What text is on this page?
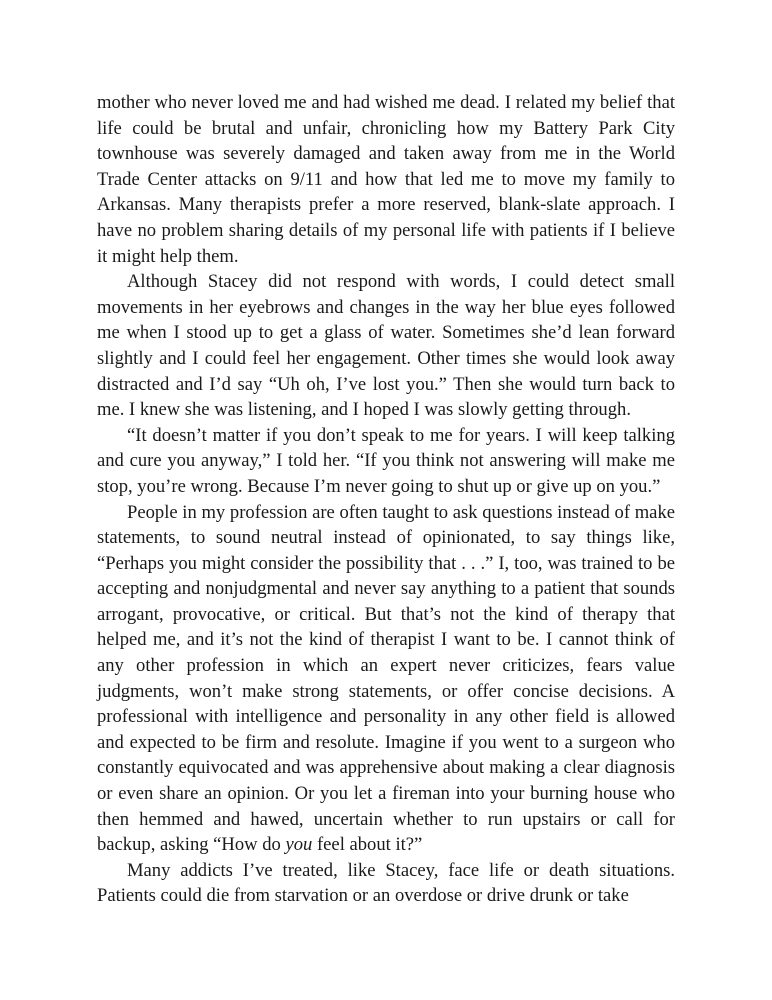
mother who never loved me and had wished me dead. I related my belief that life could be brutal and unfair, chronicling how my Battery Park City townhouse was severely damaged and taken away from me in the World Trade Center attacks on 9/11 and how that led me to move my family to Arkansas. Many therapists prefer a more reserved, blank-slate approach. I have no problem sharing details of my personal life with patients if I believe it might help them.

Although Stacey did not respond with words, I could detect small movements in her eyebrows and changes in the way her blue eyes followed me when I stood up to get a glass of water. Sometimes she’d lean forward slightly and I could feel her engagement. Other times she would look away distracted and I’d say “Uh oh, I’ve lost you.” Then she would turn back to me. I knew she was listening, and I hoped I was slowly getting through.

“It doesn’t matter if you don’t speak to me for years. I will keep talking and cure you anyway,” I told her. “If you think not answering will make me stop, you’re wrong. Because I’m never going to shut up or give up on you.”

People in my profession are often taught to ask questions instead of make statements, to sound neutral instead of opinionated, to say things like, “Perhaps you might consider the possibility that . . .” I, too, was trained to be accepting and nonjudgmental and never say anything to a patient that sounds arrogant, provocative, or critical. But that’s not the kind of therapy that helped me, and it’s not the kind of therapist I want to be. I cannot think of any other profession in which an expert never criticizes, fears value judgments, won’t make strong statements, or offer concise decisions. A professional with intelligence and personality in any other field is allowed and expected to be firm and resolute. Imagine if you went to a surgeon who constantly equivocated and was apprehensive about making a clear diagnosis or even share an opinion. Or you let a fireman into your burning house who then hemmed and hawed, uncertain whether to run upstairs or call for backup, asking “How do you feel about it?”

Many addicts I’ve treated, like Stacey, face life or death situations. Patients could die from starvation or an overdose or drive drunk or take
